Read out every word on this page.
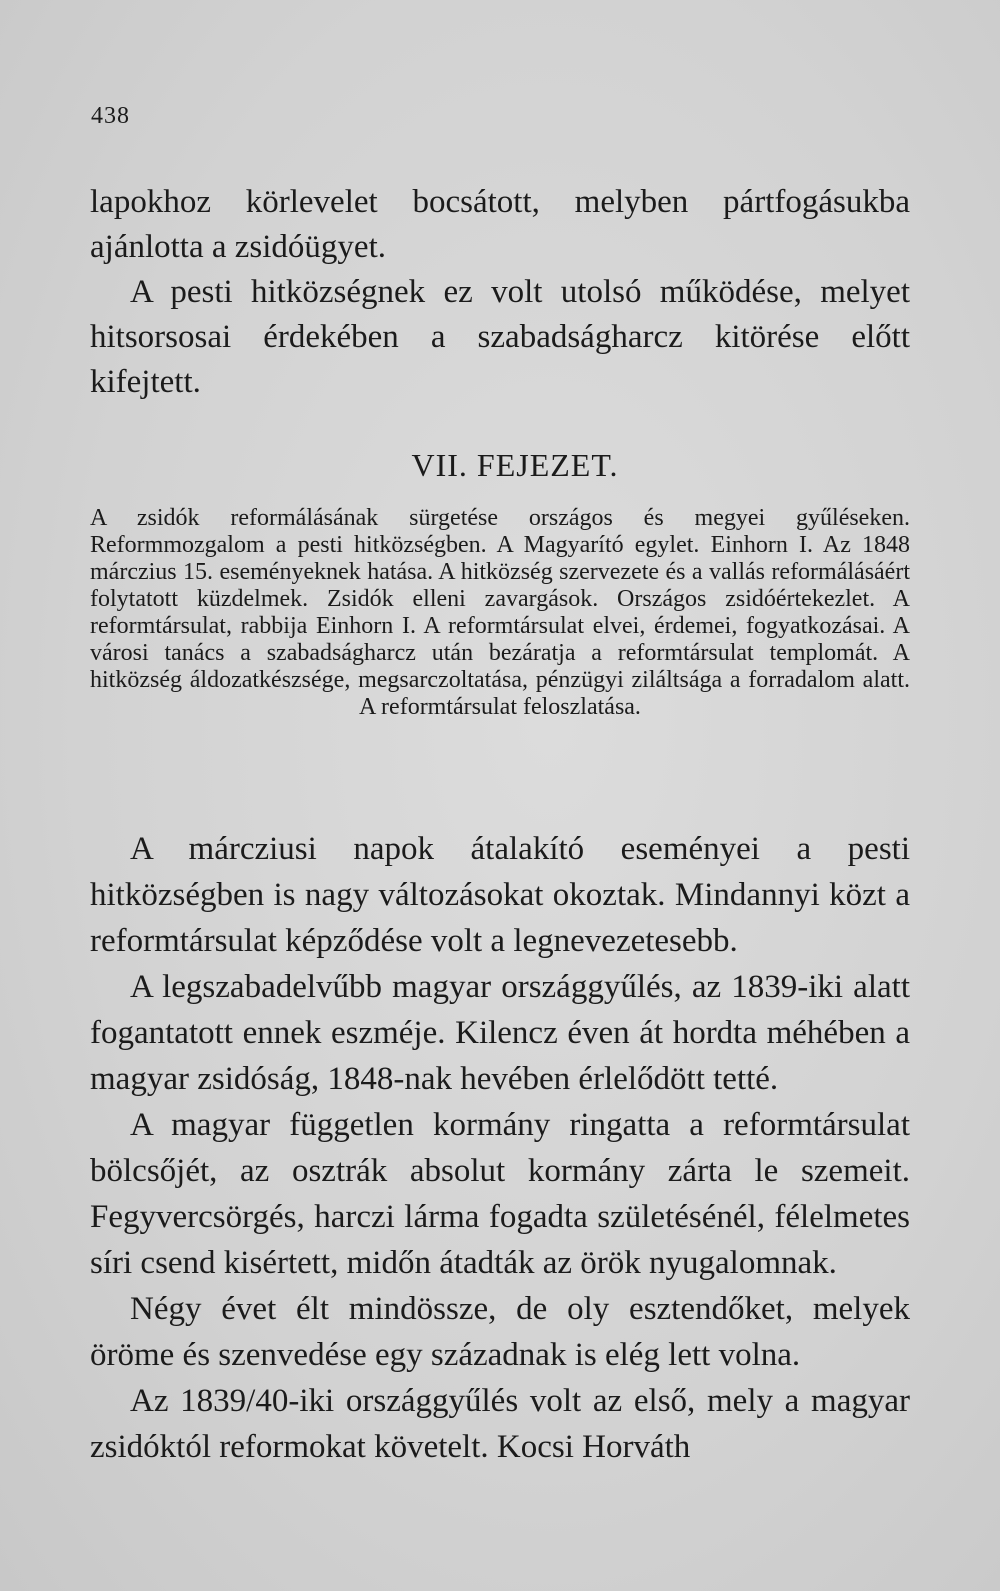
438

lapokhoz körlevelet bocsátott, melyben pártfogásukba ajánlotta a zsidóügyet.

A pesti hitközségnek ez volt utolsó működése, melyet hitsorsosai érdekében a szabadságharcz kitörése előtt kifejtett.

VII. FEJEZET.

A zsidók reformálásának sürgetése országos és megyei gyűléseken. Reformmozgalom a pesti hitközségben. A Magyarító egylet. Einhorn I. Az 1848 márczius 15. eseményeknek hatása. A hitközség szervezete és a vallás reformálásáért folytatott küzdelmek. Zsidók elleni zavargások. Országos zsidóértekezlet. A reformtársulat, rabbija Einhorn I. A reformtársulat elvei, érdemei, fogyatkozásai. A városi tanács a szabadságharcz után bezáratja a reformtársulat templomát. A hitközség áldozatkészsége, megsarczoltatása, pénzügyi ziláltsága a forradalom alatt. A reformtársulat feloszlatása.

A márcziusi napok átalakító eseményei a pesti hitközségben is nagy változásokat okoztak. Mindannyi közt a reformtársulat képződése volt a legnevezetesebb.

A legszabadelvűbb magyar országgyűlés, az 1839-iki alatt fogantatott ennek eszméje. Kilencz éven át hordta méhében a magyar zsidóság, 1848-nak hevében érlelődött tetté.

A magyar független kormány ringatta a reformtársulat bölcsőjét, az osztrák absolut kormány zárta le szemeit. Fegyvercsörgés, harczi lárma fogadta születésénél, félelmetes síri csend kisértett, midőn átadták az örök nyugalomnak.

Négy évet élt mindössze, de oly esztendőket, melyek öröme és szenvedése egy századnak is elég lett volna.

Az 1839/40-iki országgyűlés volt az első, mely a magyar zsidóktól reformokat követelt. Kocsi Horváth
